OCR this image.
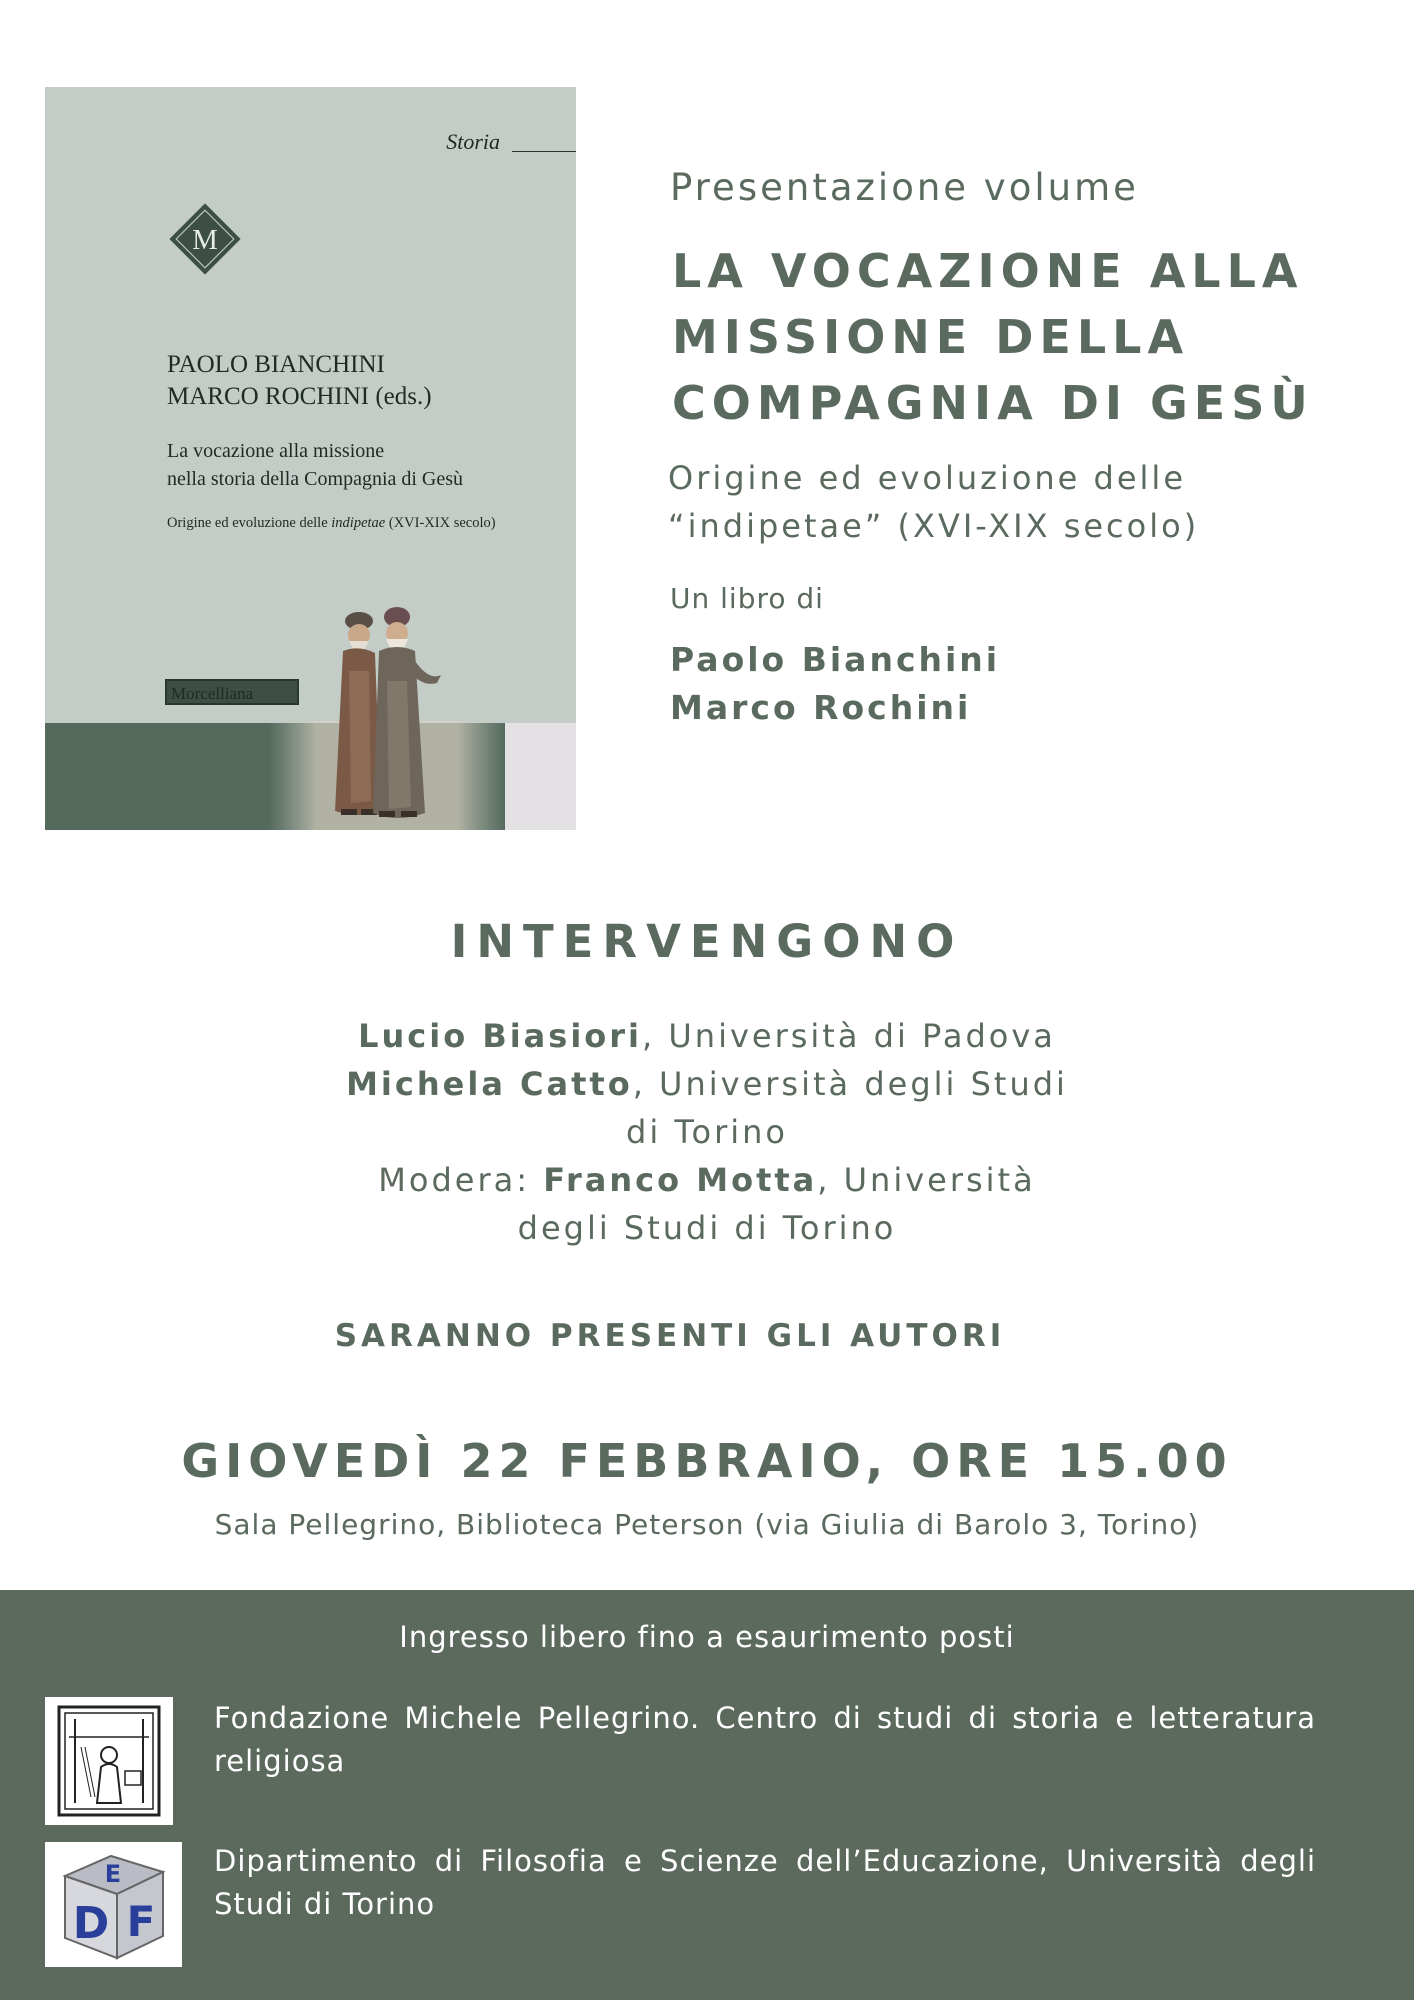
Storia
M
PAOLO BIANCHINI
MARCO ROCHINI (eds.)
La vocazione alla missione
nella storia della Compagnia di Gesù
Origine ed evoluzione delle indipetae (XVI-XIX secolo)
Morcelliana
Presentazione volume
LA VOCAZIONE ALLA
MISSIONE DELLA
COMPAGNIA DI GESÙ
Origine ed evoluzione delle
“indipetae” (XVI-XIX secolo)
Un libro di
Paolo Bianchini
Marco Rochini
INTERVENGONO
Lucio Biasiori, Università di Padova
Michela Catto, Università degli Studi
di Torino
Modera: Franco Motta, Università
degli Studi di Torino
SARANNO PRESENTI GLI AUTORI
GIOVEDÌ 22 FEBBRAIO, ORE 15.00
Sala Pellegrino, Biblioteca Peterson (via Giulia di Barolo 3, Torino)
Ingresso libero fino a esaurimento posti
Fondazione Michele Pellegrino. Centro di studi di storia e letteratura religiosa
E
D F
Dipartimento di Filosofia e Scienze dell’Educazione, Università degli Studi di Torino
